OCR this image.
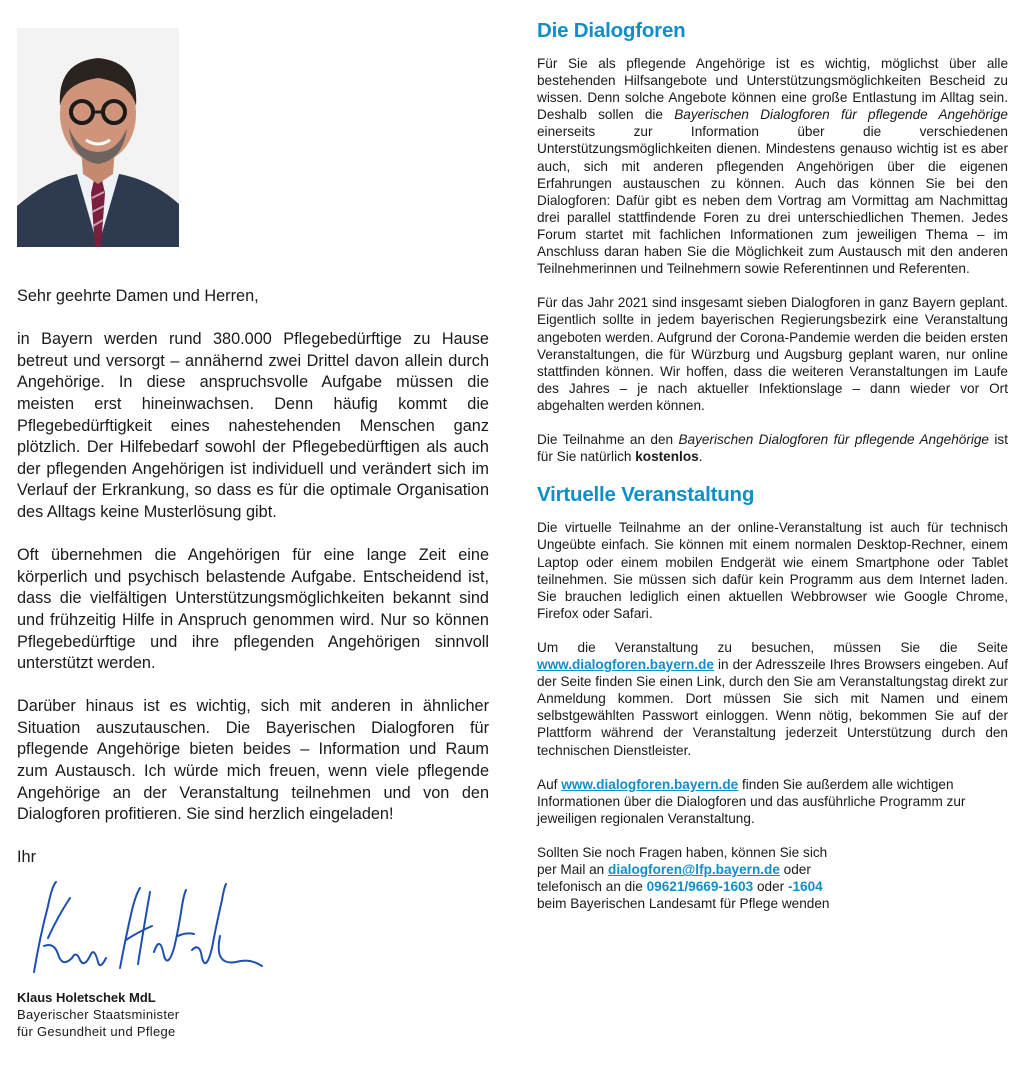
Sehr geehrte Damen und Herren,

in Bayern werden rund 380.000 Pflegebedürftige zu Hause betreut und versorgt – annähernd zwei Drittel davon allein durch Angehörige. In diese anspruchsvolle Aufgabe müssen die meisten erst hineinwachsen. Denn häufig kommt die Pflegebedürftigkeit eines nahestehenden Menschen ganz plötzlich. Der Hilfebedarf sowohl der Pflegebedürftigen als auch der pflegenden Angehörigen ist individuell und verändert sich im Verlauf der Erkrankung, so dass es für die optimale Organisation des Alltags keine Musterlösung gibt.

Oft übernehmen die Angehörigen für eine lange Zeit eine körperlich und psychisch belastende Aufgabe. Entscheidend ist, dass die vielfältigen Unterstützungsmöglichkeiten bekannt sind und frühzeitig Hilfe in Anspruch genommen wird. Nur so können Pflegebedürftige und ihre pflegenden Angehörigen sinnvoll unterstützt werden.

Darüber hinaus ist es wichtig, sich mit anderen in ähnlicher Situation auszutauschen. Die Bayerischen Dialogforen für pflegende Angehörige bieten beides – Information und Raum zum Austausch. Ich würde mich freuen, wenn viele pflegende Angehörige an der Veranstaltung teilnehmen und von den Dialogforen profitieren. Sie sind herzlich eingeladen!

Ihr

Klaus Holetschek MdL
Bayerischer Staatsminister
für Gesundheit und Pflege
Die Dialogforen

Für Sie als pflegende Angehörige ist es wichtig, möglichst über alle bestehenden Hilfsangebote und Unterstützungsmöglichkeiten Bescheid zu wissen. Denn solche Angebote können eine große Entlastung im Alltag sein. Deshalb sollen die Bayerischen Dialogforen für pflegende Angehörige einerseits zur Information über die verschiedenen Unterstützungsmöglichkeiten dienen. Mindestens genauso wichtig ist es aber auch, sich mit anderen pflegenden Angehörigen über die eigenen Erfahrungen austauschen zu können. Auch das können Sie bei den Dialogforen: Dafür gibt es neben dem Vortrag am Vormittag am Nachmittag drei parallel stattfindende Foren zu drei unterschiedlichen Themen. Jedes Forum startet mit fachlichen Informationen zum jeweiligen Thema – im Anschluss daran haben Sie die Möglichkeit zum Austausch mit den anderen Teilnehmerinnen und Teilnehmern sowie Referentinnen und Referenten.

Für das Jahr 2021 sind insgesamt sieben Dialogforen in ganz Bayern geplant. Eigentlich sollte in jedem bayerischen Regierungsbezirk eine Veranstaltung angeboten werden. Aufgrund der Corona-Pandemie werden die beiden ersten Veranstaltungen, die für Würzburg und Augsburg geplant waren, nur online stattfinden können. Wir hoffen, dass die weiteren Veranstaltungen im Laufe des Jahres – je nach aktueller Infektionslage – dann wieder vor Ort abgehalten werden können.

Die Teilnahme an den Bayerischen Dialogforen für pflegende Angehörige ist für Sie natürlich kostenlos.

Virtuelle Veranstaltung

Die virtuelle Teilnahme an der online-Veranstaltung ist auch für technisch Ungeübte einfach. Sie können mit einem normalen Desktop-Rechner, einem Laptop oder einem mobilen Endgerät wie einem Smartphone oder Tablet teilnehmen. Sie müssen sich dafür kein Programm aus dem Internet laden. Sie brauchen lediglich einen aktuellen Webbrowser wie Google Chrome, Firefox oder Safari.

Um die Veranstaltung zu besuchen, müssen Sie die Seite www.dialogforen.bayern.de in der Adresszeile Ihres Browsers eingeben. Auf der Seite finden Sie einen Link, durch den Sie am Veranstaltungstag direkt zur Anmeldung kommen. Dort müssen Sie sich mit Namen und einem selbstgewählten Passwort einloggen. Wenn nötig, bekommen Sie auf der Plattform während der Veranstaltung jederzeit Unterstützung durch den technischen Dienstleister.

Auf www.dialogforen.bayern.de finden Sie außerdem alle wichtigen Informationen über die Dialogforen und das ausführliche Programm zur jeweiligen regionalen Veranstaltung.

Sollten Sie noch Fragen haben, können Sie sich
per Mail an dialogforen@lfp.bayern.de oder
telefonisch an die 09621/9669-1603 oder -1604
beim Bayerischen Landesamt für Pflege wenden
